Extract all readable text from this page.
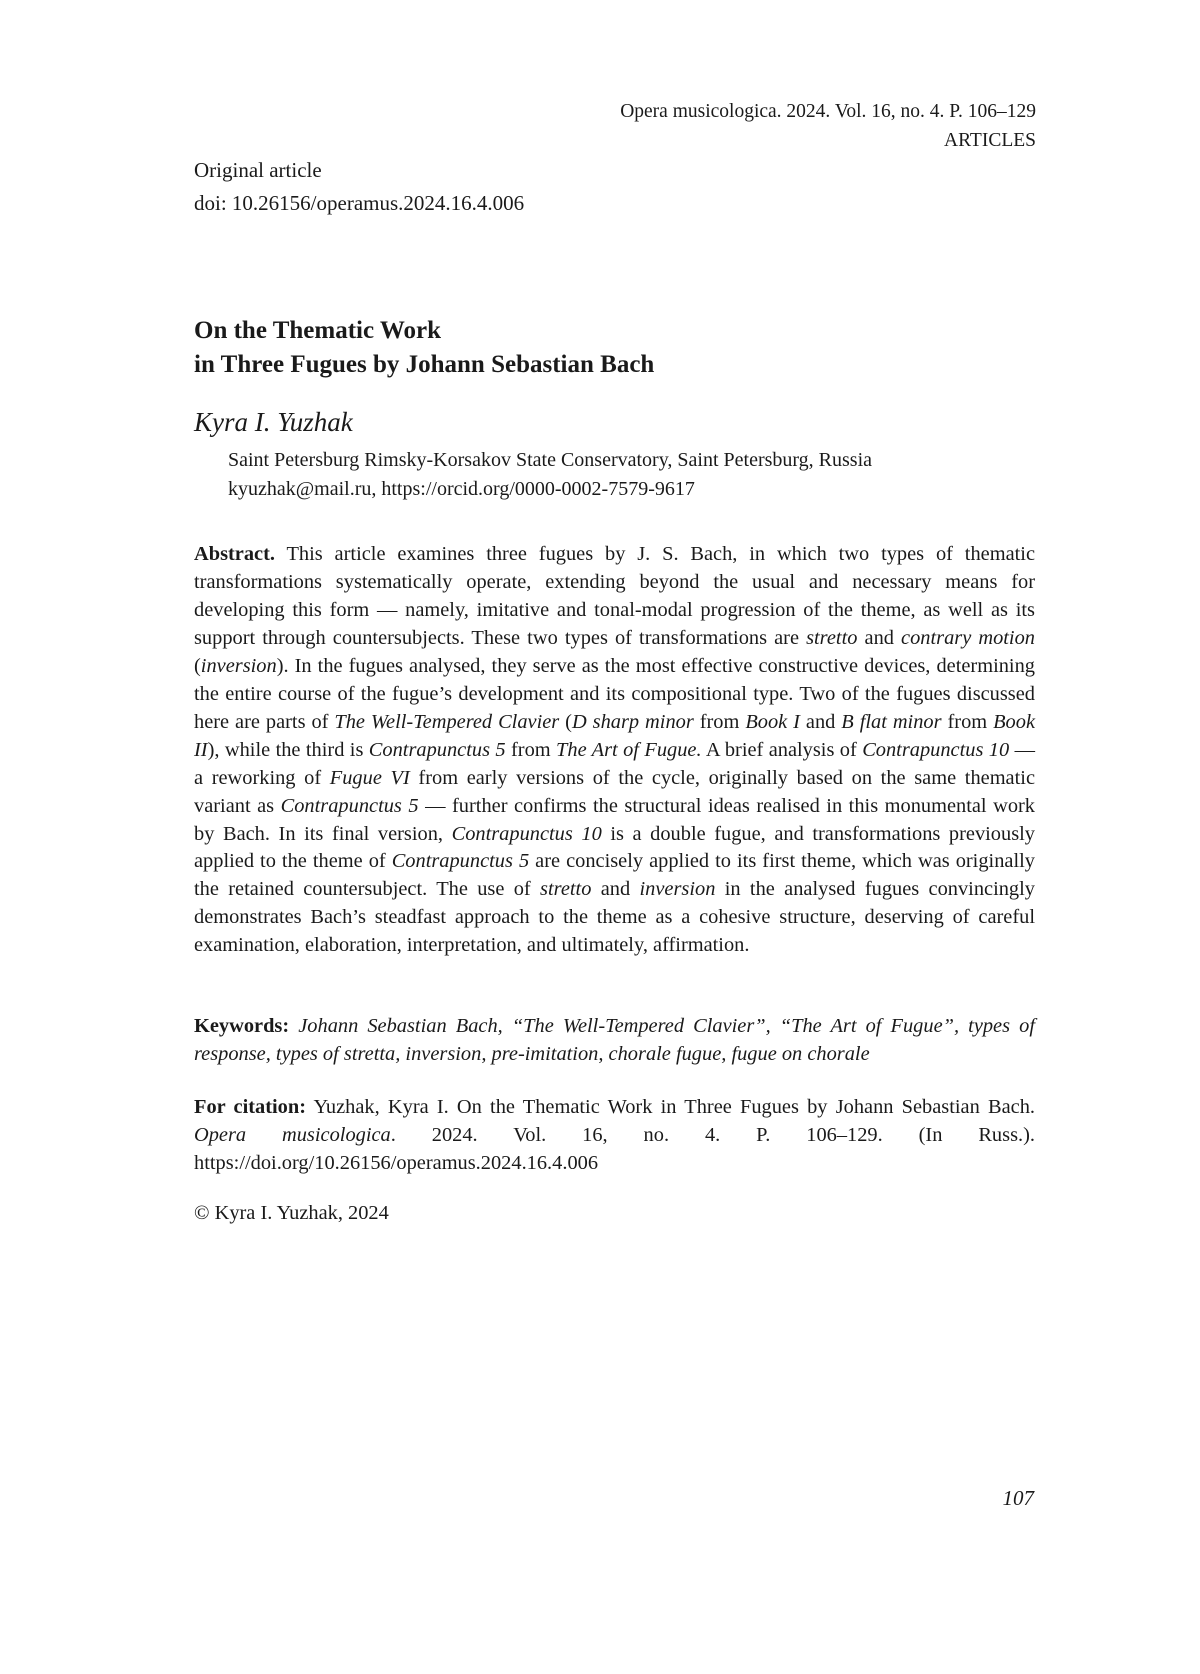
Opera musicologica. 2024. Vol. 16, no. 4. P. 106–129
ARTICLES
Original article
doi: 10.26156/operamus.2024.16.4.006
On the Thematic Work
in Three Fugues by Johann Sebastian Bach

Kyra I. Yuzhak

Saint Petersburg Rimsky-Korsakov State Conservatory, Saint Petersburg, Russia
kyuzhak@mail.ru, https://orcid.org/0000-0002-7579-9617

Abstract. This article examines three fugues by J. S. Bach, in which two types of thematic transformations systematically operate, extending beyond the usual and necessary means for developing this form — namely, imitative and tonal-modal progression of the theme, as well as its support through countersubjects. These two types of transformations are stretto and contrary motion (inversion). In the fugues analysed, they serve as the most effective constructive devices, determining the entire course of the fugue’s development and its compositional type. Two of the fugues discussed here are parts of The Well-Tempered Clavier (D sharp minor from Book I and B flat minor from Book II), while the third is Contrapunctus 5 from The Art of Fugue. A brief analysis of Contrapunctus 10 — a reworking of Fugue VI from early versions of the cycle, originally based on the same thematic variant as Contrapunctus 5 — further confirms the structural ideas realised in this monumental work by Bach. In its final version, Contrapunctus 10 is a double fugue, and transformations previously applied to the theme of Contrapunctus 5 are concisely applied to its first theme, which was originally the retained countersubject. The use of stretto and inversion in the analysed fugues convincingly demonstrates Bach’s steadfast approach to the theme as a cohesive structure, deserving of careful examination, elaboration, interpretation, and ultimately, affirmation.

Keywords: Johann Sebastian Bach, “The Well-Tempered Clavier”, “The Art of Fugue”, types of response, types of stretta, inversion, pre-imitation, chorale fugue, fugue on chorale

For citation: Yuzhak, Kyra I. On the Thematic Work in Three Fugues by Johann Sebastian Bach. Opera musicologica. 2024. Vol. 16, no. 4. P. 106–129. (In Russ.). https://doi.org/10.26156/operamus.2024.16.4.006

© Kyra I. Yuzhak, 2024

107
